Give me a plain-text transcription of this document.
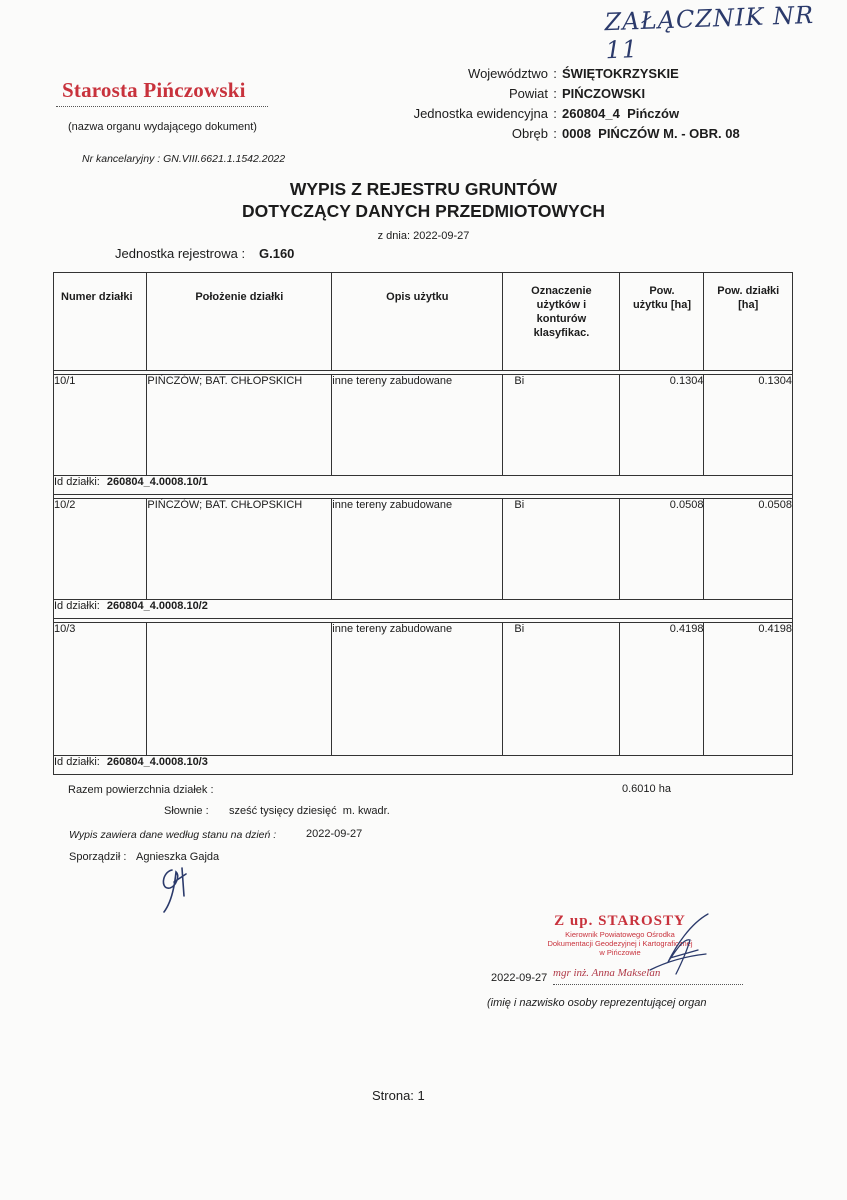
ZAŁĄCZNIK NR 11
Starosta Pińczowski
(nazwa organu wydającego dokument)
Województwo : ŚWIĘTOKRZYSKIE
Powiat : PIŃCZOWSKI
Jednostka ewidencyjna : 260804_4  Pińczów
Obręb : 0008  PIŃCZÓW M. - OBR. 08
Nr kancelaryjny : GN.VIII.6621.1.1542.2022
WYPIS Z REJESTRU GRUNTÓW
DOTYCZĄCY DANYCH PRZEDMIOTOWYCH
z dnia: 2022-09-27
Jednostka rejestrowa : G.160
Numer działki	Położenie działki	Opis użytku	Oznaczenie użytków i konturów klasyfikac.	Pow. użytku [ha]	Pow. działki [ha]

10/1	PIŃCZÓW; BAT. CHŁOPSKICH	inne tereny zabudowane	Bi	0.1304	0.1304
Id działki: 260804_4.0008.10/1					

10/2	PIŃCZÓW; BAT. CHŁOPSKICH	inne tereny zabudowane	Bi	0.0508	0.0508
Id działki: 260804_4.0008.10/2					

10/3		inne tereny zabudowane	Bi	0.4198	0.4198
Id działki: 260804_4.0008.10/3					
Razem powierzchnia działek :	0.6010 ha
Słownie : sześć tysięcy dziesięć  m. kwadr.
Wypis zawiera dane według stanu na dzień :	2022-09-27
Sporządził : Agnieszka Gajda
Z up. STAROSTY
Kierownik Powiatowego Ośrodka
Dokumentacji Geodezyjnej i Kartograficznej
w Pińczowie
2022-09-27 mgr inż. Anna Makselan
(imię i nazwisko osoby reprezentującej organ
Strona: 1
